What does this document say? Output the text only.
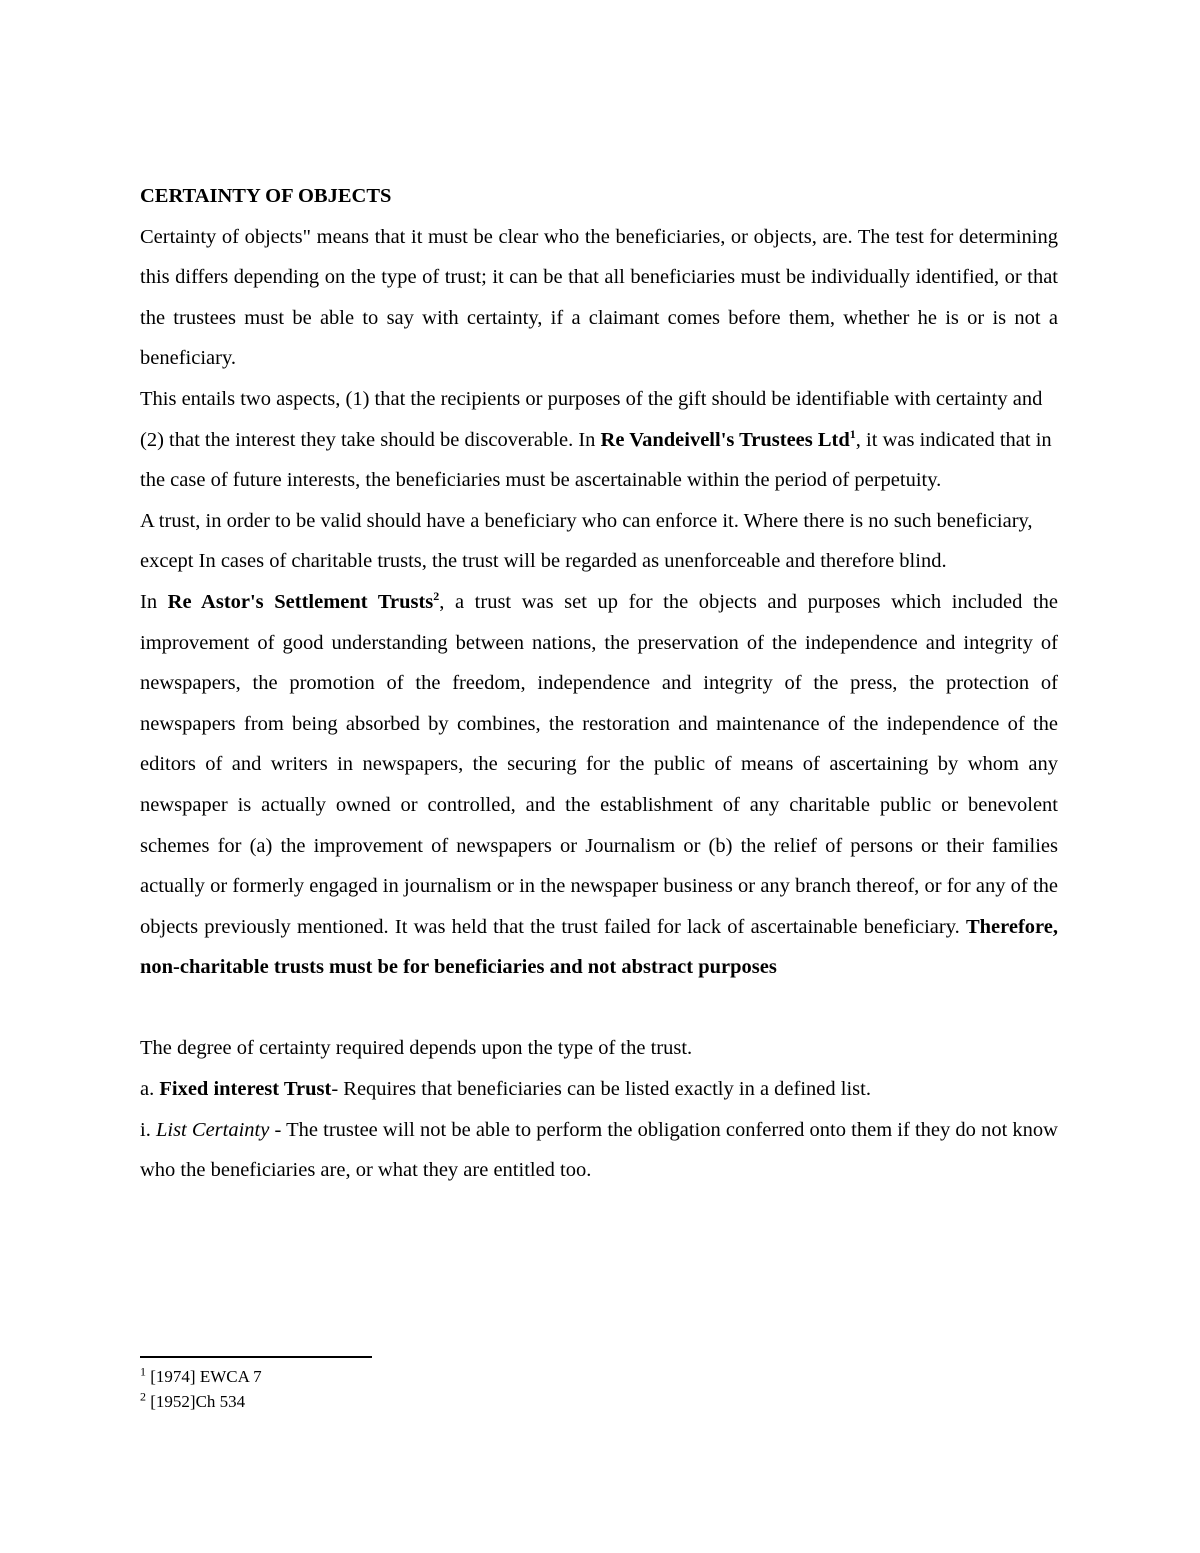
CERTAINTY OF OBJECTS

Certainty of objects" means that it must be clear who the beneficiaries, or objects, are. The test for determining this differs depending on the type of trust; it can be that all beneficiaries must be individually identified, or that the trustees must be able to say with certainty, if a claimant comes before them, whether he is or is not a beneficiary.

This entails two aspects, (1) that the recipients or purposes of the gift should be identifiable with certainty and (2) that the interest they take should be discoverable. In Re Vandeivell's Trustees Ltd$^1$, it was indicated that in the case of future interests, the beneficiaries must be ascertainable within the period of perpetuity.

A trust, in order to be valid should have a beneficiary who can enforce it. Where there is no such beneficiary, except In cases of charitable trusts, the trust will be regarded as unenforceable and therefore blind.

In Re Astor's Settlement Trusts$^2$, a trust was set up for the objects and purposes which included the improvement of good understanding between nations, the preservation of the independence and integrity of newspapers, the promotion of the freedom, independence and integrity of the press, the protection of newspapers from being absorbed by combines, the restoration and maintenance of the independence of the editors of and writers in newspapers, the securing for the public of means of ascertaining by whom any newspaper is actually owned or controlled, and the establishment of any charitable public or benevolent schemes for (a) the improvement of newspapers or Journalism or (b) the relief of persons or their families actually or formerly engaged in journalism or in the newspaper business or any branch thereof, or for any of the objects previously mentioned. It was held that the trust failed for lack of ascertainable beneficiary. Therefore, non-charitable trusts must be for beneficiaries and not abstract purposes

The degree of certainty required depends upon the type of the trust.

a. Fixed interest Trust- Requires that beneficiaries can be listed exactly in a defined list.

i. List Certainty - The trustee will not be able to perform the obligation conferred onto them if they do not know who the beneficiaries are, or what they are entitled too.

$^1$ [1974] EWCA 7

$^2$ [1952]Ch 534
